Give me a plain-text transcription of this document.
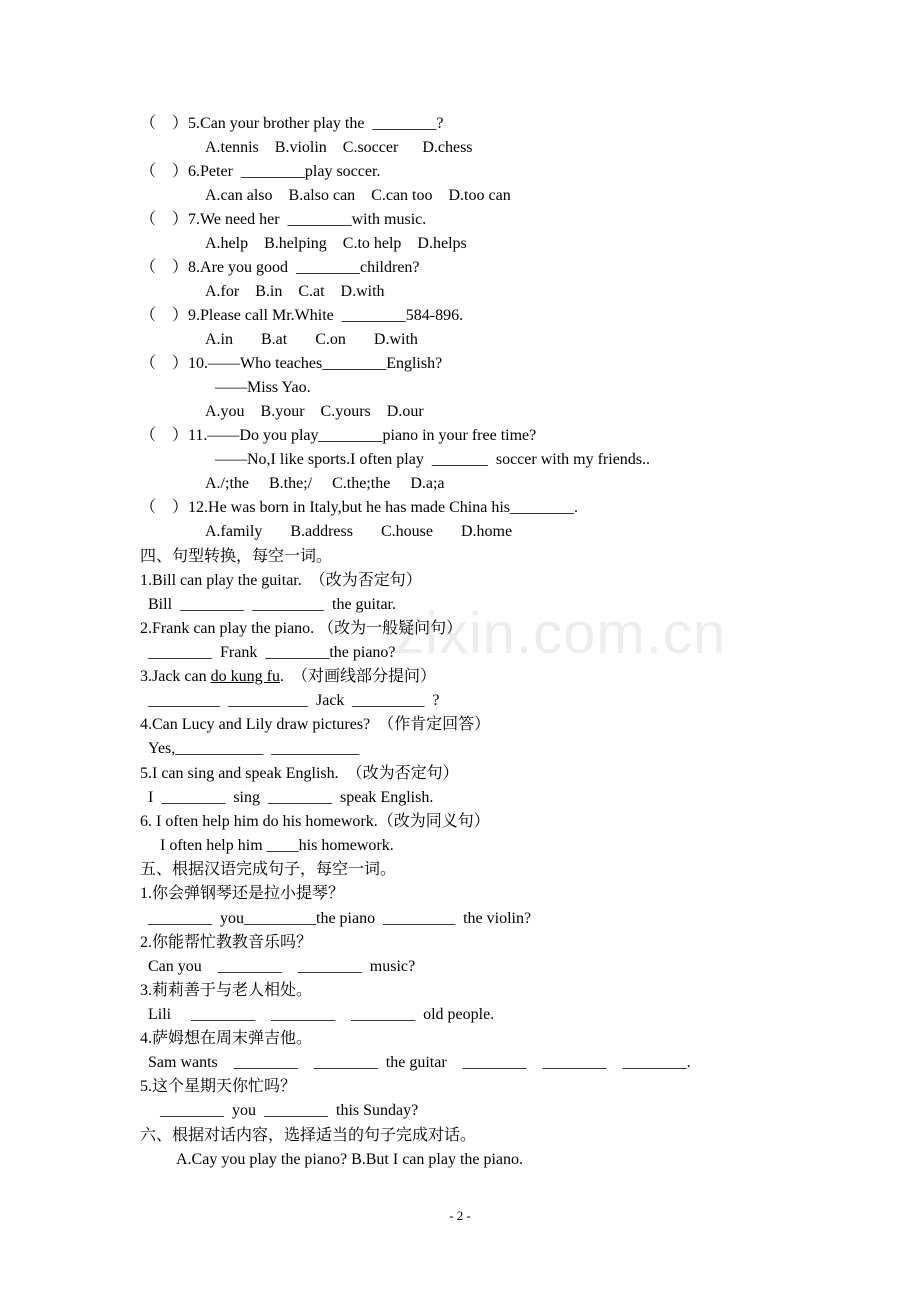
（    ）5.Can your brother play the  ________?
A.tennis    B.violin    C.soccer      D.chess
（    ）6.Peter  ________play soccer.
A.can also    B.also can    C.can too    D.too can
（    ）7.We need her  ________with music.
A.help    B.helping    C.to help    D.helps
（    ）8.Are you good  ________children?
A.for    B.in    C.at    D.with
（    ）9.Please call Mr.White  ________584-896.
A.in       B.at       C.on       D.with
（    ）10.——Who teaches________English?
——Miss Yao.
A.you    B.your    C.yours    D.our
（    ）11.——Do you play________piano in your free time?
——No,I like sports.I often play  _______  soccer with my friends..
A./;the     B.the;/     C.the;the     D.a;a
（    ）12.He was born in Italy,but he has made China his________.
A.family       B.address       C.house       D.home
四、句型转换，每空一词。
1.Bill can play the guitar.  （改为否定句）
Bill  ________  _________  the guitar.
2.Frank can play the piano. （改为一般疑问句）
________  Frank  ________the piano?
3.Jack can do kung fu.  （对画线部分提问）
_________  __________  Jack  _________  ?
4.Can Lucy and Lily draw pictures?  （作肯定回答）
Yes,___________  ___________
5.I can sing and speak English.  （改为否定句）
I  ________  sing  ________  speak English.
6. I often help him do his homework.（改为同义句）
I often help him ____his homework.
五、根据汉语完成句子，每空一词。
1.你会弹钢琴还是拉小提琴？
________  you_________the piano  _________  the violin?
2.你能帮忙教教音乐吗？
Can you    ________    ________  music?
3.莉莉善于与老人相处。
Lili     ________    ________    ________  old people.
4.萨姆想在周末弹吉他。
Sam wants    ________    ________  the guitar    ________    ________    ________.
5.这个星期天你忙吗？
________  you  ________  this Sunday?
六、根据对话内容，选择适当的句子完成对话。
A.Cay you play the piano? B.But I can play the piano.
zixin.com.cn
- 2 -
